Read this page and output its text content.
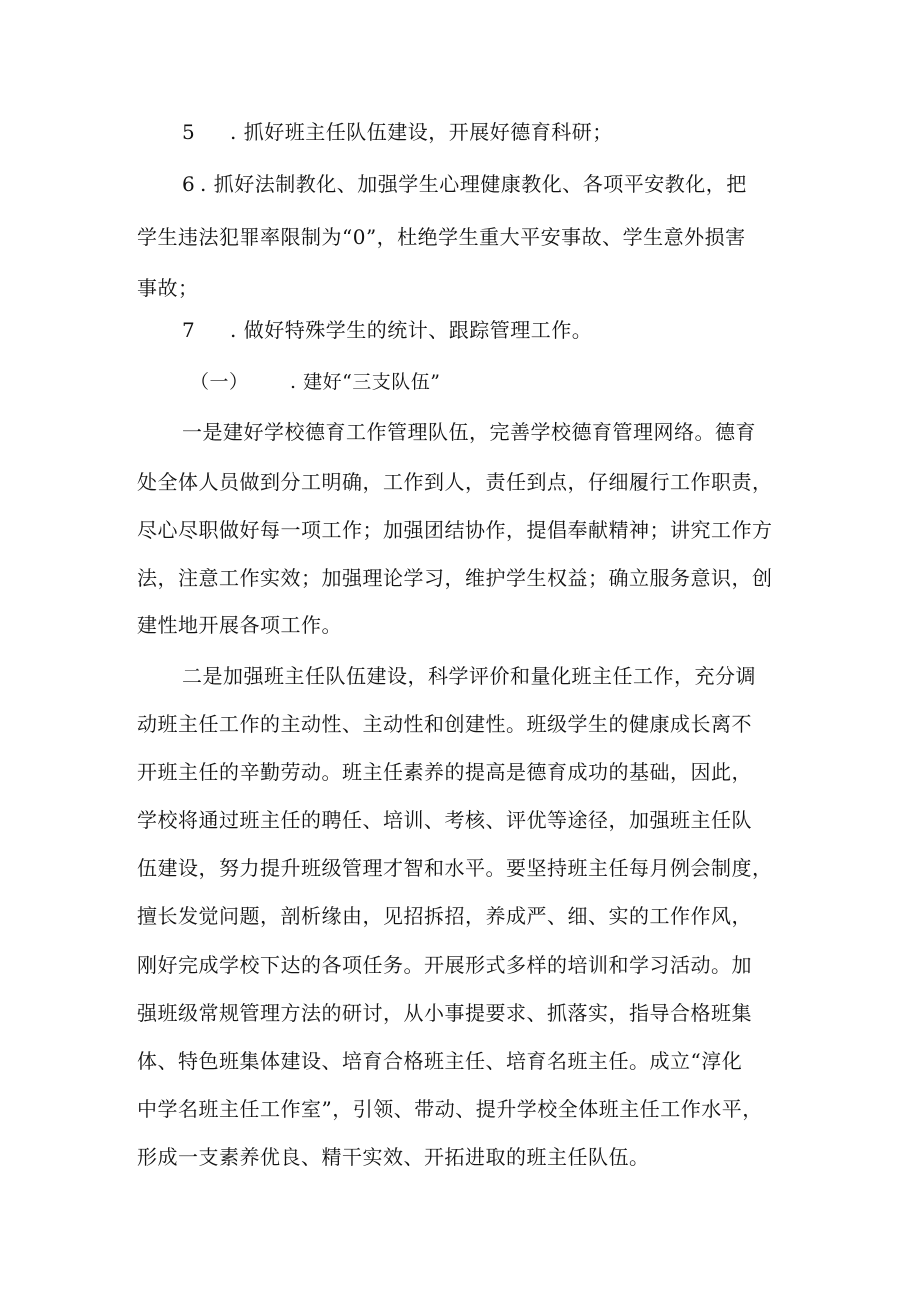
5 . 抓好班主任队伍建设，开展好德育科研；
6 . 抓好法制教化、加强学生心理健康教化、各项平安教化，把
学生违法犯罪率限制为“0”，杜绝学生重大平安事故、学生意外损害
事故；
7 . 做好特殊学生的统计、跟踪管理工作。
（一） . 建好“三支队伍”
一是建好学校德育工作管理队伍，完善学校德育管理网络。德育
处全体人员做到分工明确，工作到人，责任到点，仔细履行工作职责，
尽心尽职做好每一项工作；加强团结协作，提倡奉献精神；讲究工作方
法，注意工作实效；加强理论学习，维护学生权益；确立服务意识，创
建性地开展各项工作。
二是加强班主任队伍建设，科学评价和量化班主任工作，充分调
动班主任工作的主动性、主动性和创建性。班级学生的健康成长离不
开班主任的辛勤劳动。班主任素养的提高是德育成功的基础，因此，
学校将通过班主任的聘任、培训、考核、评优等途径，加强班主任队
伍建设，努力提升班级管理才智和水平。要坚持班主任每月例会制度，
擅长发觉问题，剖析缘由，见招拆招，养成严、细、实的工作作风，
刚好完成学校下达的各项任务。开展形式多样的培训和学习活动。加
强班级常规管理方法的研讨，从小事提要求、抓落实，指导合格班集
体、特色班集体建设、培育合格班主任、培育名班主任。成立“淳化
中学名班主任工作室”，引领、带动、提升学校全体班主任工作水平，
形成一支素养优良、精干实效、开拓进取的班主任队伍。
